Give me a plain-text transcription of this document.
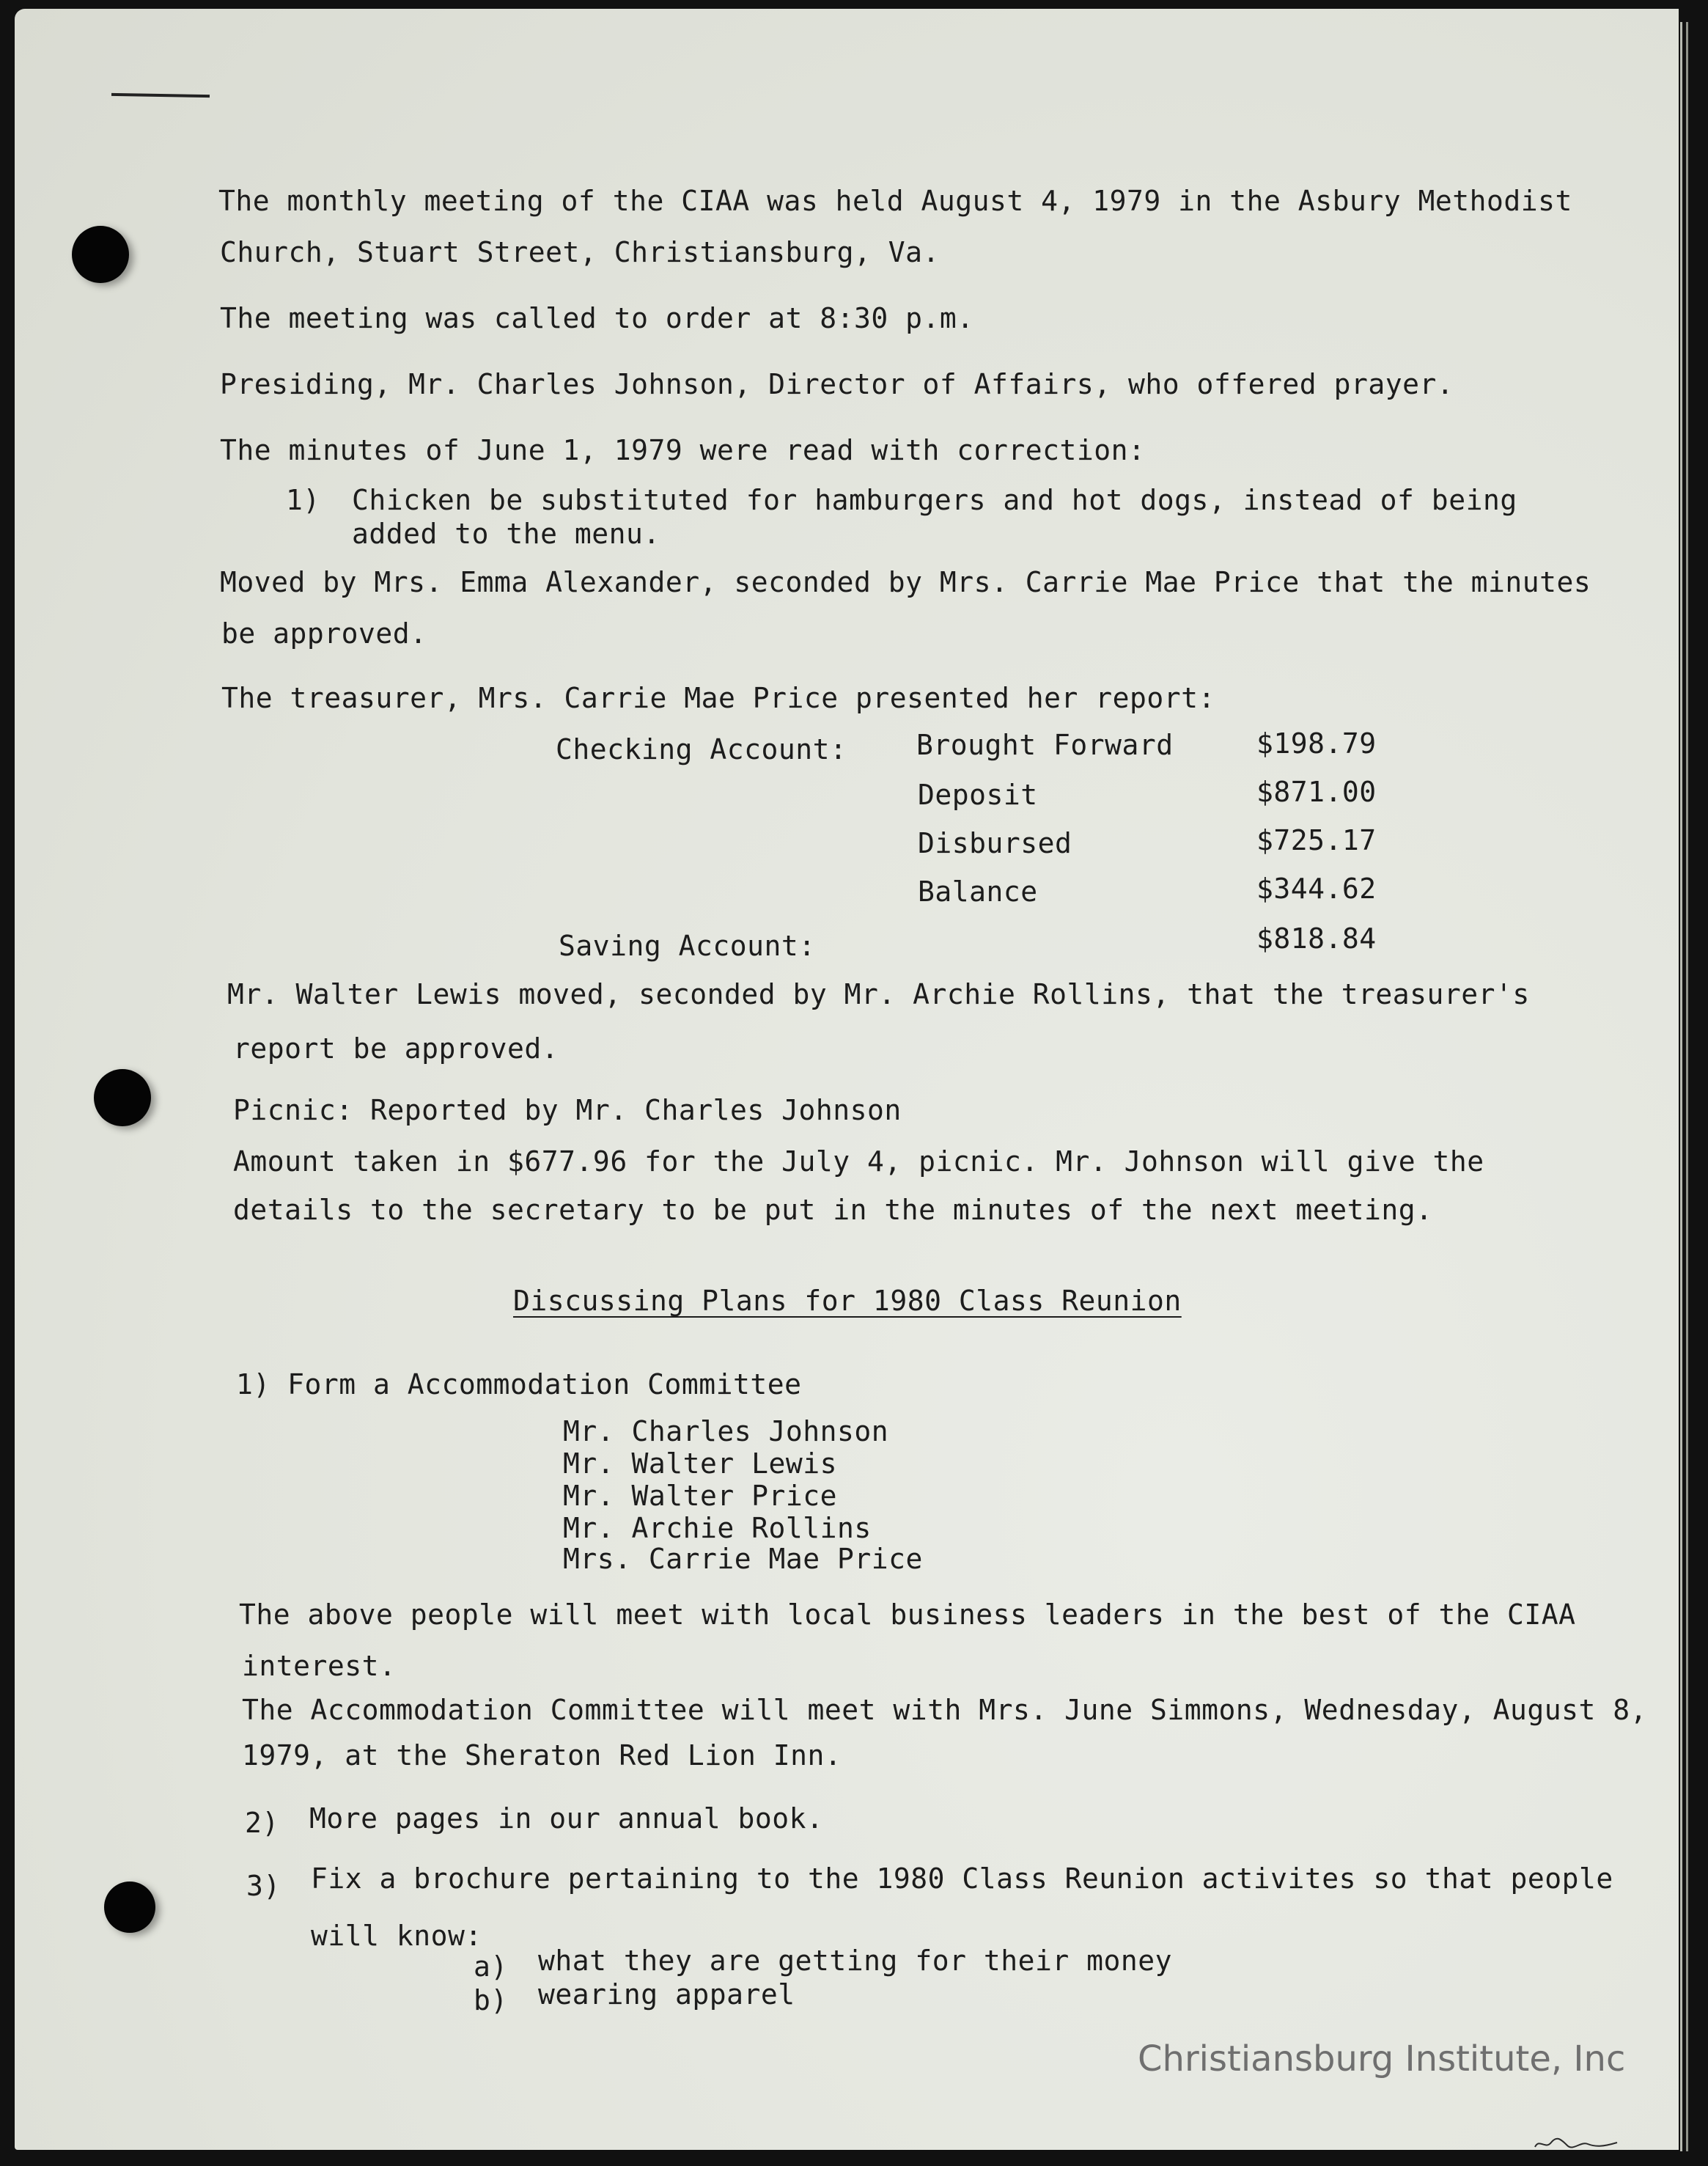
The monthly meeting of the CIAA was held August 4, 1979 in the Asbury Methodist
Church, Stuart Street, Christiansburg, Va.
The meeting was called to order at 8:30 p.m.
Presiding, Mr. Charles Johnson, Director of Affairs, who offered prayer.
The minutes of June 1, 1979 were read with correction:
1) Chicken be substituted for hamburgers and hot dogs, instead of being
added to the menu.
Moved by Mrs. Emma Alexander, seconded by Mrs. Carrie Mae Price that the minutes
be approved.
The treasurer, Mrs. Carrie Mae Price presented her report:
Checking Account: Brought Forward	$198.79
Deposit	$871.00
Disbursed	$725.17
Balance	$344.62
Saving Account:	$818.84
Mr. Walter Lewis moved, seconded by Mr. Archie Rollins, that the treasurer's
report be approved.
Picnic: Reported by Mr. Charles Johnson
Amount taken in $677.96 for the July 4, picnic. Mr. Johnson will give the
details to the secretary to be put in the minutes of the next meeting.
Discussing Plans for 1980 Class Reunion
1) Form a Accommodation Committee
Mr. Charles Johnson
Mr. Walter Lewis
Mr. Walter Price
Mr. Archie Rollins
Mrs. Carrie Mae Price
The above people will meet with local business leaders in the best of the CIAA
interest.
The Accommodation Committee will meet with Mrs. June Simmons, Wednesday, August 8,
1979, at the Sheraton Red Lion Inn.
2) More pages in our annual book.
3) Fix a brochure pertaining to the 1980 Class Reunion activites so that people
will know:
a) what they are getting for their money
b) wearing apparel
Christiansburg Institute, Inc
